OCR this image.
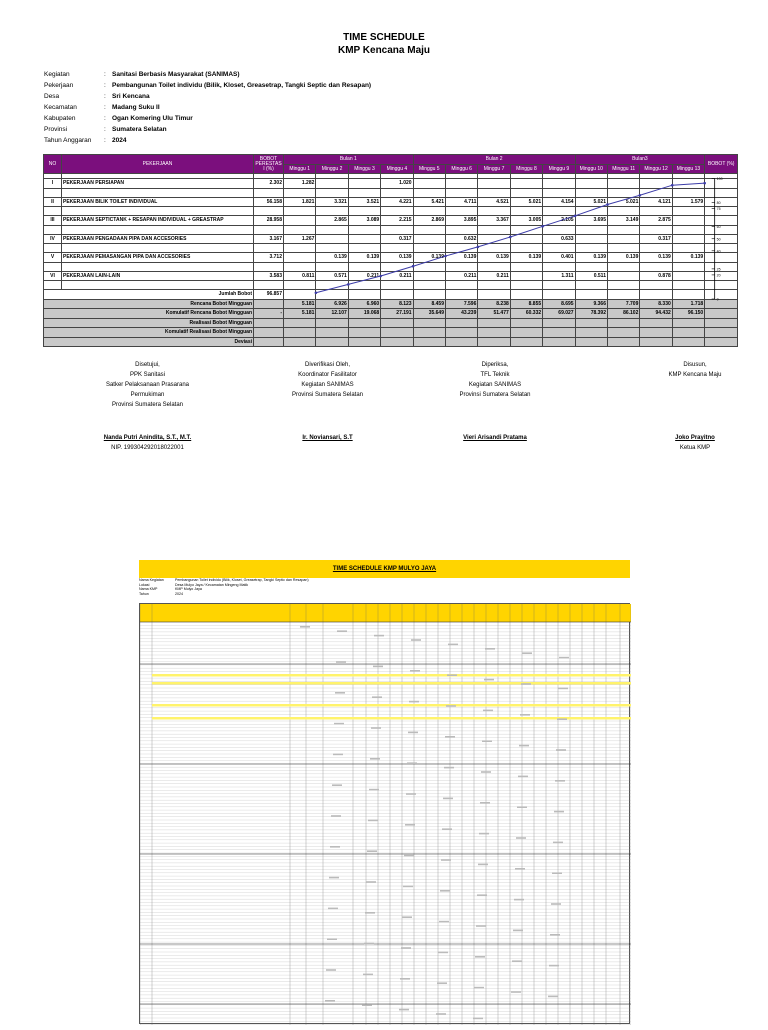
TIME SCHEDULE
KMP Kencana Maju
Kegiatan	: Sanitasi Berbasis Masyarakat (SANIMAS)
Pekerjaan	: Pembangunan Toilet individu (Bilik, Kloset, Greasetrap, Tangki Septic dan Resapan)
Desa	: Sri Kencana
Kecamatan	: Madang Suku II
Kabupaten	: Ogan Komering Ulu Timur
Provinsi	: Sumatera Selatan
Tahun Anggaran : 2024
NO	PEKERJAAN	BOBOT PERESTAS I (%)	Bulan 1				Bulan 2					Bulan3				BOBOT (%)
			Minggu 1	Minggu 2	Minggu 3	Minggu 4	Minggu 5	Minggu 6	Minggu 7	Minggu 8	Minggu 9	Minggu 10	Minggu 11	Minggu 12	Minggu 13	

I	PEKERJAAN PERSIAPAN	2.302	1.282			1.020										

II	PEKERJAAN BILIK TOILET INDIVIDUAL	56.158	1.821	3.321	3.521	4.221	5.421	4.711	4.521	5.021	4.154	5.021	5.021	4.121	1.579	

III	PEKERJAAN SEPTICTANK + RESAPAN INDIVIDUAL + GREASTRAP	28.958		2.865	3.089	2.215	2.869	3.895	3.367	3.005	2.105	3.695	3.149	2.875		

IV	PEKERJAAN PENGADAAN PIPA DAN ACCESORIES	3.167	1.267			0.317		0.632			0.633			0.317		

V	PEKERJAAN PEMASANGAN PIPA DAN ACCESORIES	3.712		0.139	0.139	0.139	0.139	0.139	0.139	0.139	0.401	0.139	0.139	0.139	0.139	

VI	PEKERJAAN LAIN-LAIN	3.583	0.811	0.571	0.211	0.211		0.211	0.211		1.311	0.511		0.878		

Jumlah Bobot		96.857														
Rencana Bobot Mingguan			5.181	6.926	6.960	8.123	8.459	7.596	8.238	8.855	8.695	9.366	7.709	8.330	1.718	
Komulatif Rencana Bobot Mingguan		-	5.181	12.107	19.068	27.191	35.649	43.239	51.477	60.332	69.027	78.392	86.102	94.432	96.150	
Realisasi Bobot Mingguan																
Komulatif Realisasi Bobot Mingguan																
Deviasi																
100
80
75
60
50
40
25
20
0
Disetujui,
PPK Sanitasi
Satker Pelaksanaan Prasarana Permukiman
Provinsi Sumatera Selatan
Nanda Putri Anindita, S.T., M.T.
NIP. 199304292018022001
Diverifikasi Oleh,
Koordinator Fasilitator
Kegiatan SANIMAS
Provinsi Sumatera Selatan
Ir. Noviansari, S.T
Diperiksa,
TFL Teknik
Kegiatan SANIMAS
Provinsi Sumatera Selatan
Vieri Arisandi Pratama
Disusun,
KMP Kencana Maju
Joko Prayitno
Ketua KMP
TIME SCHEDULE KMP MULYO JAYA
Nama Kegiatan	Pembangunan Toilet individu (Bilik, Kloset, Greasetrap, Tangki Septic dan Resapan)
Lokasi	Desa Mulyo Jaya / Kecamatan Mingeng Matik
Nama KMP	KMP Mulyo Jaya
Tahun	2024
